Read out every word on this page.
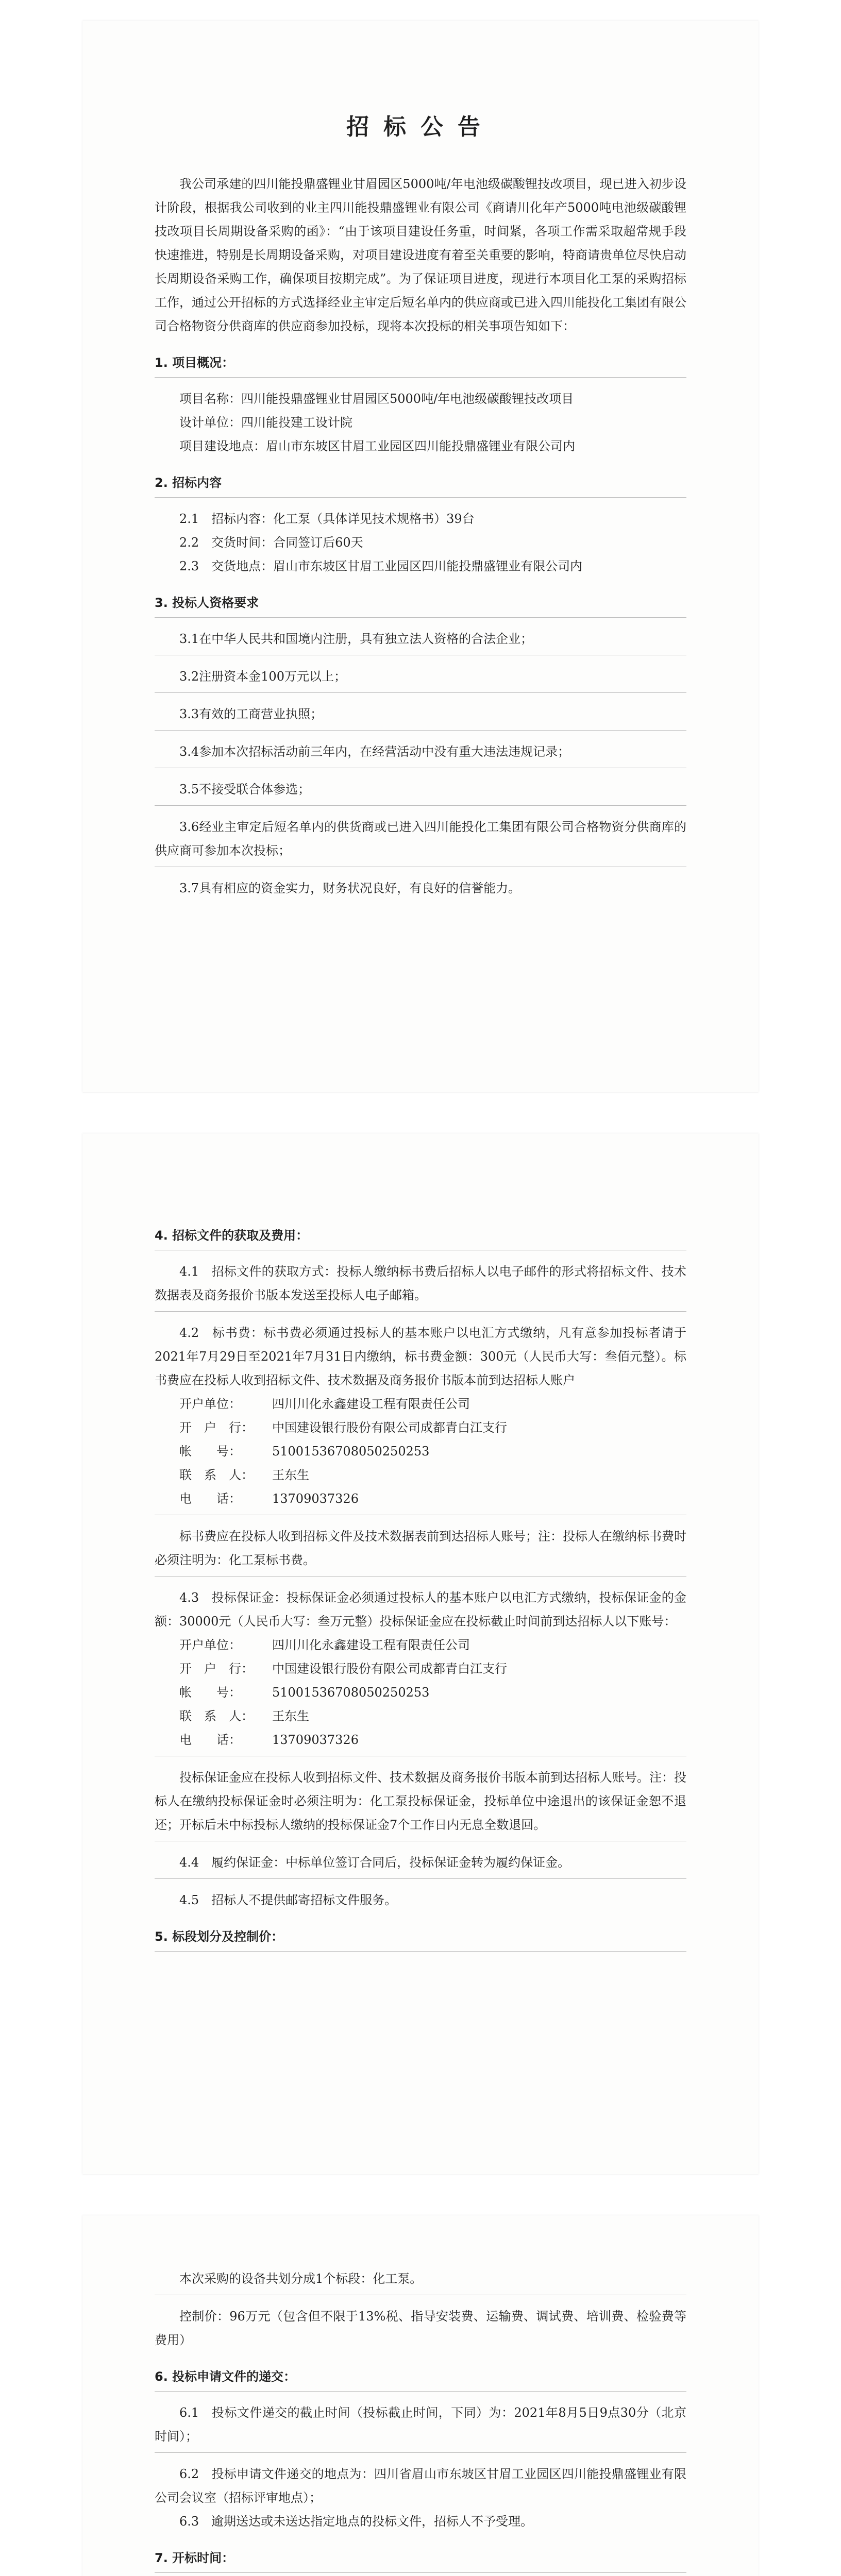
招标公告

我公司承建的四川能投鼎盛锂业甘眉园区5000吨/年电池级碳酸锂技改项目，现已进入初步设计阶段，根据我公司收到的业主四川能投鼎盛锂业有限公司《商请川化年产5000吨电池级碳酸锂技改项目长周期设备采购的函》：“由于该项目建设任务重，时间紧，各项工作需采取超常规手段快速推进，特别是长周期设备采购，对项目建设进度有着至关重要的影响，特商请贵单位尽快启动长周期设备采购工作，确保项目按期完成”。为了保证项目进度，现进行本项目化工泵的采购招标工作，通过公开招标的方式选择经业主审定后短名单内的供应商或已进入四川能投化工集团有限公司合格物资分供商库的供应商参加投标，现将本次投标的相关事项告知如下：

1. 项目概况：

项目名称：四川能投鼎盛锂业甘眉园区5000吨/年电池级碳酸锂技改项目

设计单位：四川能投建工设计院

项目建设地点：眉山市东坡区甘眉工业园区四川能投鼎盛锂业有限公司内

2. 招标内容

2.1　招标内容：化工泵（具体详见技术规格书）39台

2.2　交货时间：合同签订后60天

2.3　交货地点：眉山市东坡区甘眉工业园区四川能投鼎盛锂业有限公司内

3. 投标人资格要求

3.1在中华人民共和国境内注册，具有独立法人资格的合法企业；

3.2注册资本金100万元以上；

3.3有效的工商营业执照；

3.4参加本次招标活动前三年内，在经营活动中没有重大违法违规记录；

3.5不接受联合体参选；

3.6经业主审定后短名单内的供货商或已进入四川能投化工集团有限公司合格物资分供商库的供应商可参加本次投标；

3.7具有相应的资金实力，财务状况良好，有良好的信誉能力。

4. 招标文件的获取及费用：

4.1　招标文件的获取方式：投标人缴纳标书费后招标人以电子邮件的形式将招标文件、技术数据表及商务报价书版本发送至投标人电子邮箱。

4.2　标书费：标书费必须通过投标人的基本账户以电汇方式缴纳，凡有意参加投标者请于2021年7月29日至2021年7月31日内缴纳，标书费金额：300元（人民币大写：叁佰元整）。标书费应在投标人收到招标文件、技术数据及商务报价书版本前到达招标人账户

开户单位：	四川川化永鑫建设工程有限责任公司

开　户　行：	中国建设银行股份有限公司成都青白江支行

帐　　号：	51001536708050250253

联　系　人：	王东生

电　　话：	13709037326

标书费应在投标人收到招标文件及技术数据表前到达招标人账号；注：投标人在缴纳标书费时必须注明为：化工泵标书费。

4.3　投标保证金：投标保证金必须通过投标人的基本账户以电汇方式缴纳，投标保证金的金额：30000元（人民币大写：叁万元整）投标保证金应在投标截止时间前到达招标人以下账号：

开户单位：	四川川化永鑫建设工程有限责任公司

开　户　行：	中国建设银行股份有限公司成都青白江支行

帐　　号：	51001536708050250253

联　系　人：	王东生

电　　话：	13709037326

投标保证金应在投标人收到招标文件、技术数据及商务报价书版本前到达招标人账号。注：投标人在缴纳投标保证金时必须注明为：化工泵投标保证金，投标单位中途退出的该保证金恕不退还；开标后未中标投标人缴纳的投标保证金7个工作日内无息全数退回。

4.4　履约保证金：中标单位签订合同后，投标保证金转为履约保证金。

4.5　招标人不提供邮寄招标文件服务。

5. 标段划分及控制价：

本次采购的设备共划分成1个标段：化工泵。

控制价：96万元（包含但不限于13%税、指导安装费、运输费、调试费、培训费、检验费等费用）

6. 投标申请文件的递交：

6.1　投标文件递交的截止时间（投标截止时间，下同）为：2021年8月5日9点30分（北京时间）；

6.2　投标申请文件递交的地点为：四川省眉山市东坡区甘眉工业园区四川能投鼎盛锂业有限公司会议室（招标评审地点）；

6.3　逾期送达或未送达指定地点的投标文件，招标人不予受理。

7. 开标时间：
